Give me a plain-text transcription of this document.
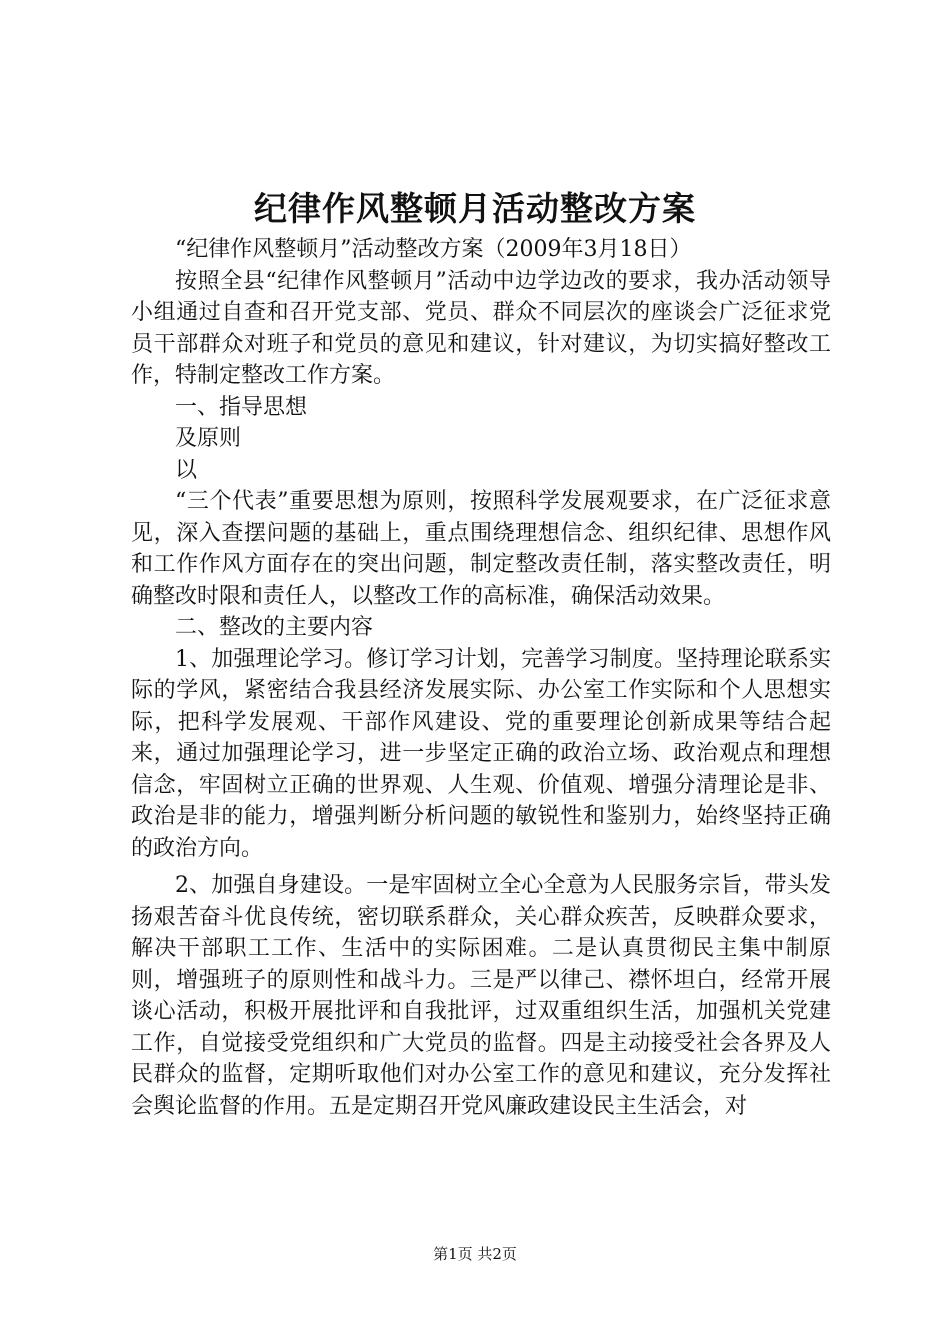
纪律作风整顿月活动整改方案

“纪律作风整顿月”活动整改方案（2009年3月18日）

按照全县“纪律作风整顿月”活动中边学边改的要求，我办活动领导小组通过自查和召开党支部、党员、群众不同层次的座谈会广泛征求党员干部群众对班子和党员的意见和建议，针对建议，为切实搞好整改工作，特制定整改工作方案。

一、指导思想

及原则

以

“三个代表”重要思想为原则，按照科学发展观要求，在广泛征求意见，深入查摆问题的基础上，重点围绕理想信念、组织纪律、思想作风和工作作风方面存在的突出问题，制定整改责任制，落实整改责任，明确整改时限和责任人，以整改工作的高标准，确保活动效果。

二、整改的主要内容

1、加强理论学习。修订学习计划，完善学习制度。坚持理论联系实际的学风，紧密结合我县经济发展实际、办公室工作实际和个人思想实际，把科学发展观、干部作风建设、党的重要理论创新成果等结合起来，通过加强理论学习，进一步坚定正确的政治立场、政治观点和理想信念，牢固树立正确的世界观、人生观、价值观、增强分清理论是非、政治是非的能力，增强判断分析问题的敏锐性和鉴别力，始终坚持正确的政治方向。

2、加强自身建设。一是牢固树立全心全意为人民服务宗旨，带头发扬艰苦奋斗优良传统，密切联系群众，关心群众疾苦，反映群众要求，解决干部职工工作、生活中的实际困难。二是认真贯彻民主集中制原则，增强班子的原则性和战斗力。三是严以律己、襟怀坦白，经常开展谈心活动，积极开展批评和自我批评，过双重组织生活，加强机关党建工作，自觉接受党组织和广大党员的监督。四是主动接受社会各界及人民群众的监督，定期听取他们对办公室工作的意见和建议，充分发挥社会舆论监督的作用。五是定期召开党风廉政建设民主生活会，对

第1页 共2页
